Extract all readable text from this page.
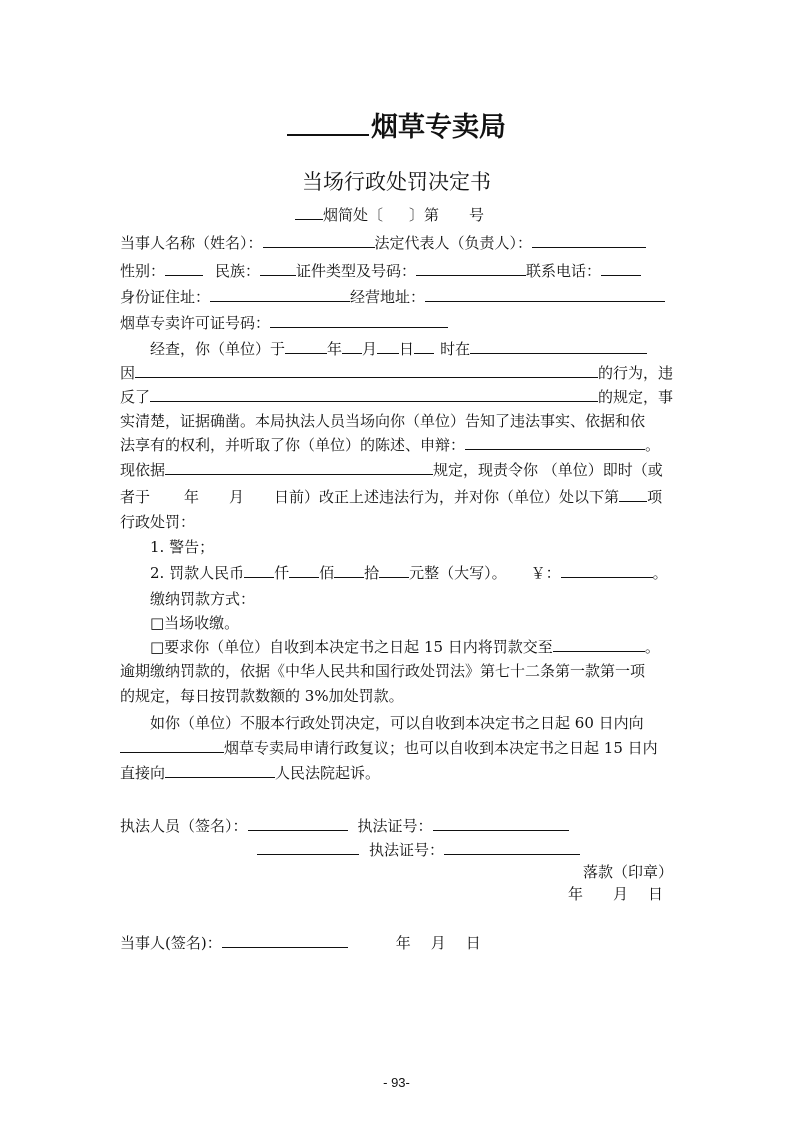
烟草专卖局
当场行政处罚决定书
烟简处〔 〕第 号
当事人名称（姓名）：	法定代表人（负责人）：
性别：	民族： 证件类型及号码：	联系电话：
身份证住址：	经营地址：
烟草专卖许可证号码：
经查，你（单位）于	年 月 日 时在
因	的行为，违
反了	的规定，事
实清楚，证据确凿。本局执法人员当场向你（单位）告知了违法事实、依据和依
法享有的权利，并听取了你（单位）的陈述、申辩：	。
现依据	规定，现责令你 （单位）即时（或
者于 年 月 日前）改正上述违法行为，并对你（单位）处以下第 项
行政处罚：
1. 警告；
2. 罚款人民币 仟 佰 拾 元整（大写）。 ￥：	。
缴纳罚款方式：
□当场收缴。
□要求你（单位）自收到本决定书之日起 15 日内将罚款交至	。
逾期缴纳罚款的，依据《中华人民共和国行政处罚法》第七十二条第一款第一项
的规定，每日按罚款数额的 3%加处罚款。
如你（单位）不服本行政处罚决定，可以自收到本决定书之日起 60 日内向
烟草专卖局申请行政复议；也可以自收到本决定书之日起 15 日内
直接向	人民法院起诉。
执法人员（签名）：	执法证号：
执法证号：
落款（印章）
年 月 日
当事人(签名)：	年 月 日
- 93-
